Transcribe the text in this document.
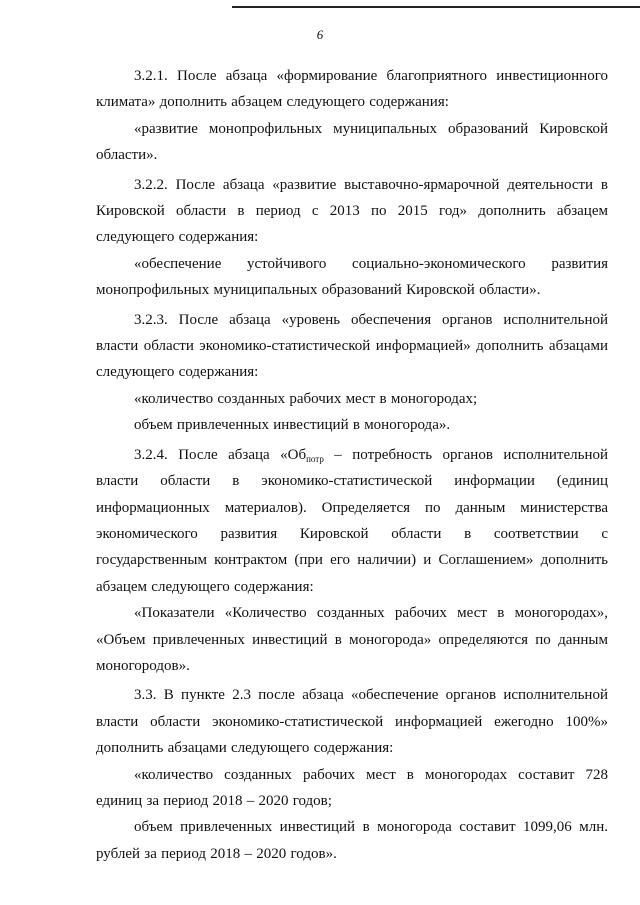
6

3.2.1. После абзаца «формирование благоприятного инвестиционного климата» дополнить абзацем следующего содержания:

«развитие монопрофильных муниципальных образований Кировской области».

3.2.2. После абзаца «развитие выставочно-ярмарочной деятельности в Кировской области в период с 2013 по 2015 год» дополнить абзацем следующего содержания:

«обеспечение устойчивого социально-экономического развития монопрофильных муниципальных образований Кировской области».

3.2.3. После абзаца «уровень обеспечения органов исполнительной власти области экономико-статистической информацией» дополнить абзацами следующего содержания:

«количество созданных рабочих мест в моногородах;

объем привлеченных инвестиций в моногорода».

3.2.4. После абзаца «$Об_{потр}$ – потребность органов исполнительной власти области в экономико-статистической информации (единиц информационных материалов). Определяется по данным министерства экономического развития Кировской области в соответствии с государственным контрактом (при его наличии) и Соглашением» дополнить абзацем следующего содержания:

«Показатели «Количество созданных рабочих мест в моногородах», «Объем привлеченных инвестиций в моногорода» определяются по данным моногородов».

3.3. В пункте 2.3 после абзаца «обеспечение органов исполнительной власти области экономико-статистической информацией ежегодно 100%» дополнить абзацами следующего содержания:

«количество созданных рабочих мест в моногородах составит 728 единиц за период 2018 – 2020 годов;

объем привлеченных инвестиций в моногорода составит 1099,06 млн. рублей за период 2018 – 2020 годов».
